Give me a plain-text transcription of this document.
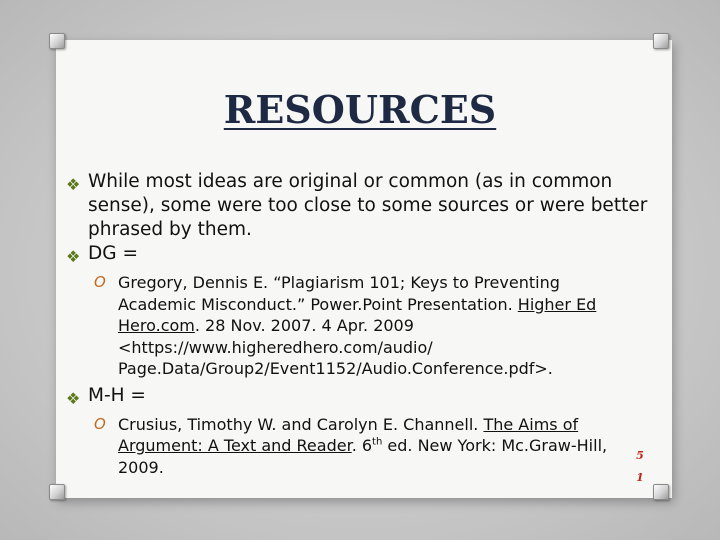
RESOURCES
❖ While most ideas are original or common (as in common sense), some were too close to some sources or were better phrased by them.
❖ DG =
O Gregory, Dennis E. “Plagiarism 101; Keys to Preventing Academic Misconduct.” Power.Point Presentation. Higher Ed Hero.com. 28 Nov. 2007. 4 Apr. 2009 <https://www.higheredhero.com/audio/ Page.Data/Group2/Event1152/Audio.Conference.pdf>.
❖ M-H =
O Crusius, Timothy W. and Carolyn E. Channell. The Aims of Argument: A Text and Reader. 6th ed. New York: Mc.Graw-Hill, 2009.
5
1
